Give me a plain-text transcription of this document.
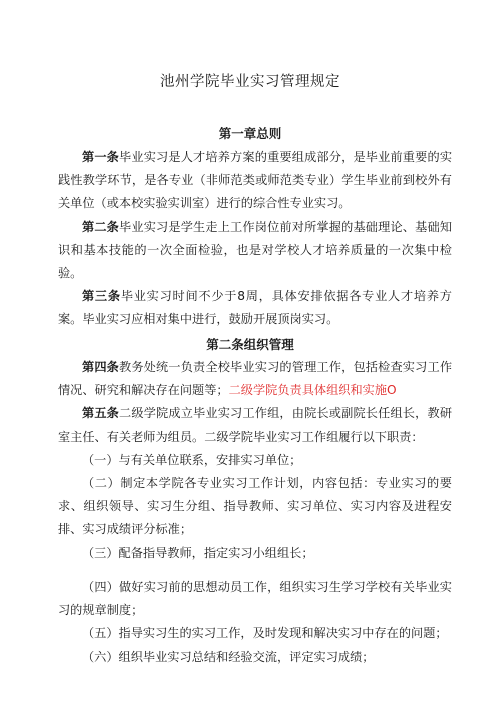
池州学院毕业实习管理规定
第一章总则

第一条毕业实习是人才培养方案的重要组成部分，是毕业前重要的实践性教学环节，是各专业（非师范类或师范类专业）学生毕业前到校外有关单位（或本校实验实训室）进行的综合性专业实习。

第二条毕业实习是学生走上工作岗位前对所掌握的基础理论、基础知识和基本技能的一次全面检验，也是对学校人才培养质量的一次集中检验。

第三条毕业实习时间不少于8周，具体安排依据各专业人才培养方案。毕业实习应相对集中进行，鼓励开展顶岗实习。

第二条组织管理

第四条教务处统一负责全校毕业实习的管理工作，包括检查实习工作情况、研究和解决存在问题等；二级学院负责具体组织和实施O

第五条二级学院成立毕业实习工作组，由院长或副院长任组长，教研室主任、有关老师为组员。二级学院毕业实习工作组履行以下职责：

（一）与有关单位联系，安排实习单位；

（二）制定本学院各专业实习工作计划，内容包括：专业实习的要求、组织领导、实习生分组、指导教师、实习单位、实习内容及进程安排、实习成绩评分标准；

（三）配备指导教师，指定实习小组组长；

（四）做好实习前的思想动员工作，组织实习生学习学校有关毕业实习的规章制度；

（五）指导实习生的实习工作，及时发现和解决实习中存在的问题；

（六）组织毕业实习总结和经验交流，评定实习成绩；
